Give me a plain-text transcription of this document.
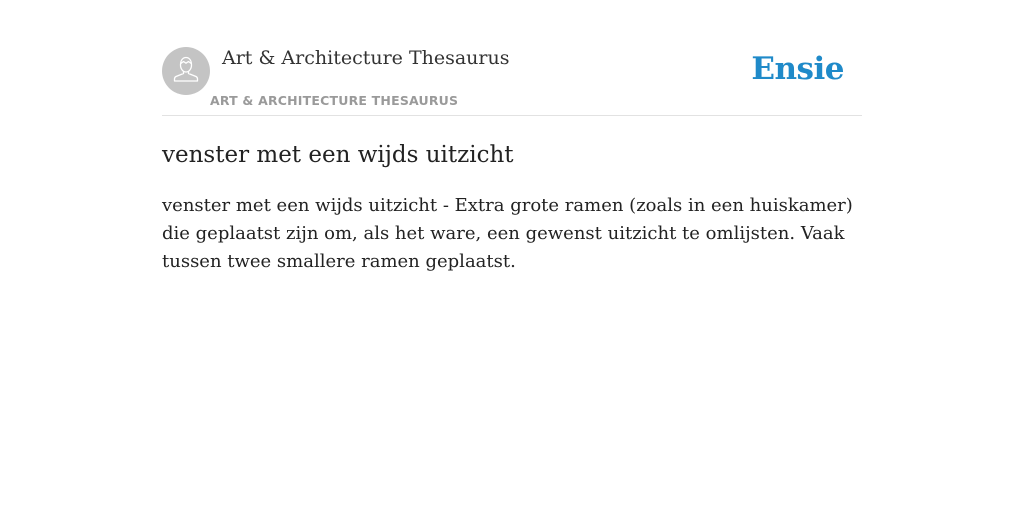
Art & Architecture Thesaurus
ART & ARCHITECTURE THESAURUS
Ensie
venster met een wijds uitzicht

venster met een wijds uitzicht - Extra grote ramen (zoals in een huiskamer) die geplaatst zijn om, als het ware, een gewenst uitzicht te omlijsten. Vaak tussen twee smallere ramen geplaatst.
